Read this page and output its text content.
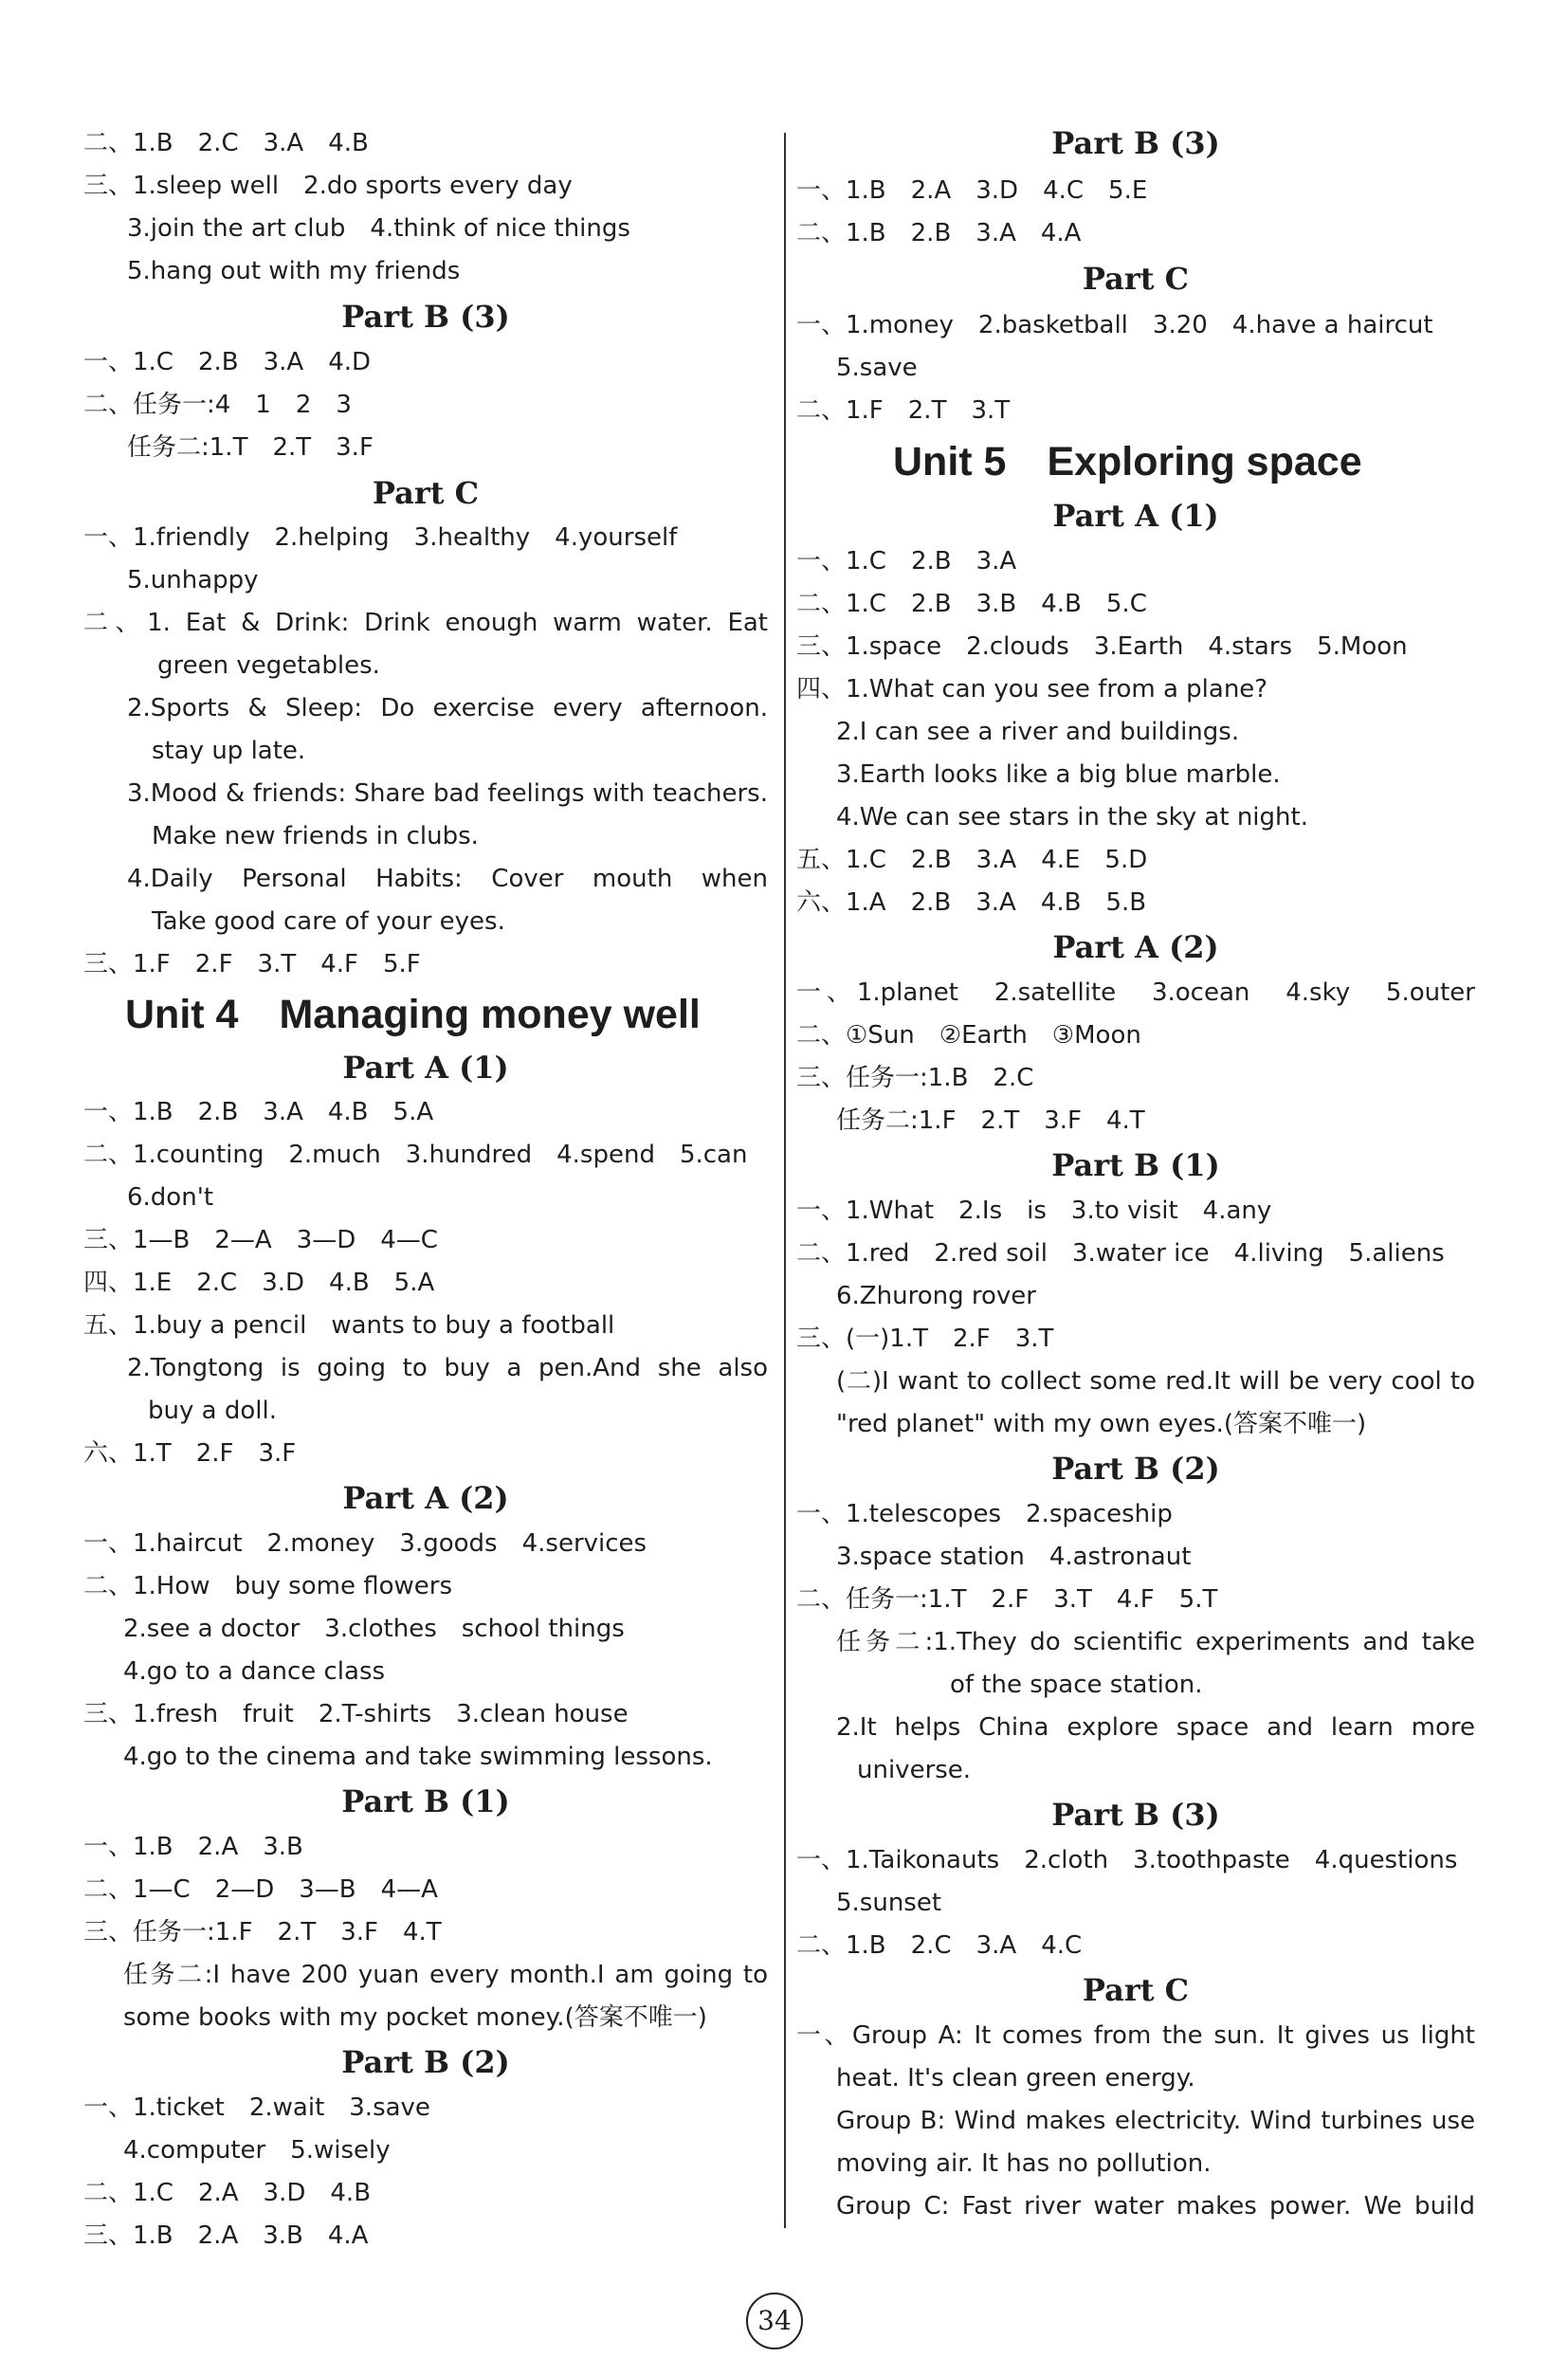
二、1.B　2.C　3.A　4.B
三、1.sleep well　2.do sports every day
3.join the art club　4.think of nice things
5.hang out with my friends
Part B (3)
一、1.C　2.B　3.A　4.D
二、任务一:4　1　2　3
任务二:1.T　2.T　3.F
Part C
一、1.friendly　2.helping　3.healthy　4.yourself
5.unhappy
二、1. Eat & Drink: Drink enough warm water. Eat
green vegetables.
2.Sports & Sleep: Do exercise every afternoon.
stay up late.
3.Mood & friends: Share bad feelings with teachers.
Make new friends in clubs.
4.Daily Personal Habits: Cover mouth when
Take good care of your eyes.
三、1.F　2.F　3.T　4.F　5.F
Unit 4　Managing money well
Part A (1)
一、1.B　2.B　3.A　4.B　5.A
二、1.counting　2.much　3.hundred　4.spend　5.can
6.don't
三、1—B　2—A　3—D　4—C
四、1.E　2.C　3.D　4.B　5.A
五、1.buy a pencil　wants to buy a football
2.Tongtong is going to buy a pen.And she also
buy a doll.
六、1.T　2.F　3.F
Part A (2)
一、1.haircut　2.money　3.goods　4.services
二、1.How　buy some flowers
2.see a doctor　3.clothes　school things
4.go to a dance class
三、1.fresh　fruit　2.T-shirts　3.clean house
4.go to the cinema and take swimming lessons.
Part B (1)
一、1.B　2.A　3.B
二、1—C　2—D　3—B　4—A
三、任务一:1.F　2.T　3.F　4.T
任务二:I have 200 yuan every month.I am going to
some books with my pocket money.(答案不唯一)
Part B (2)
一、1.ticket　2.wait　3.save
4.computer　5.wisely
二、1.C　2.A　3.D　4.B
三、1.B　2.A　3.B　4.A
Part B (3)
一、1.B　2.A　3.D　4.C　5.E
二、1.B　2.B　3.A　4.A
Part C
一、1.money　2.basketball　3.20　4.have a haircut
5.save
二、1.F　2.T　3.T
Unit 5　Exploring space
Part A (1)
一、1.C　2.B　3.A
二、1.C　2.B　3.B　4.B　5.C
三、1.space　2.clouds　3.Earth　4.stars　5.Moon
四、1.What can you see from a plane?
2.I can see a river and buildings.
3.Earth looks like a big blue marble.
4.We can see stars in the sky at night.
五、1.C　2.B　3.A　4.E　5.D
六、1.A　2.B　3.A　4.B　5.B
Part A (2)
一、1.planet　2.satellite　3.ocean　4.sky　5.outer　
二、①Sun　②Earth　③Moon
三、任务一:1.B　2.C
任务二:1.F　2.T　3.F　4.T
Part B (1)
一、1.What　2.Is　is　3.to visit　4.any
二、1.red　2.red soil　3.water ice　4.living　5.aliens
6.Zhurong rover
三、(一)1.T　2.F　3.T
(二)I want to collect some red.It will be very cool to
"red planet" with my own eyes.(答案不唯一)
Part B (2)
一、1.telescopes　2.spaceship
3.space station　4.astronaut
二、任务一:1.T　2.F　3.T　4.F　5.T
任务二:1.They do scientific experiments and take
of the space station.
2.It helps China explore space and learn more
universe.
Part B (3)
一、1.Taikonauts　2.cloth　3.toothpaste　4.questions
5.sunset
二、1.B　2.C　3.A　4.C
Part C
一、Group A: It comes from the sun. It gives us light
heat. It's clean green energy.
Group B: Wind makes electricity. Wind turbines use
moving air. It has no pollution.
Group C: Fast river water makes power. We build
34
